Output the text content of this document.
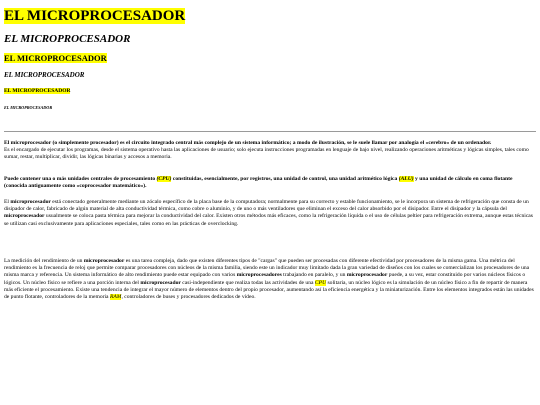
EL MICROPROCESADOR
EL MICROPROCESADOR
EL MICROPROCESADOR
EL MICROPROCESADOR
EL MICROPROCESADOR
EL MICROPROCESADOR

El microprocesador (o simplemente procesador) es el circuito integrado central más complejo de un sistema informático; a modo de ilustración, se le suele llamar por analogía el «cerebro» de un ordenador.
Es el encargado de ejecutar los programas, desde el sistema operativo hasta las aplicaciones de usuario; solo ejecuta instrucciones programadas en lenguaje de bajo nivel, realizando operaciones aritméticas y lógicas simples, tales como sumar, restar, multiplicar, dividir, las lógicas binarias y accesos a memoria.

Puede contener una o más unidades centrales de procesamiento (CPU) constituidas, esencialmente, por registros, una unidad de control, una unidad aritmético lógica (ALU) y una unidad de cálculo en coma flotante (conocida antiguamente como «coprocesador matemático»).

El microprocesador está conectado generalmente mediante un zócalo específico de la placa base de la computadora; normalmente para su correcto y estable funcionamiento, se le incorpora un sistema de refrigeración que consta de un disipador de calor, fabricado de algún material de alta conductividad térmica, como cobre o aluminio, y de uno o más ventiladores que eliminan el exceso del calor absorbido por el disipador. Entre el disipador y la cápsula del microprocesador usualmente se coloca pasta térmica para mejorar la conductividad del calor. Existen otros métodos más eficaces, como la refrigeración líquida o el uso de células peltier para refrigeración extrema, aunque estas técnicas se utilizan casi exclusivamente para aplicaciones especiales, tales como en las prácticas de overclocking.

La medición del rendimiento de un microprocesador es una tarea compleja, dado que existen diferentes tipos de "cargas" que pueden ser procesadas con diferente efectividad por procesadores de la misma gama. Una métrica del rendimiento es la frecuencia de reloj que permite comparar procesadores con núcleos de la misma familia, siendo este un indicador muy limitado dada la gran variedad de diseños con los cuales se comercializan los procesadores de una misma marca y referencia. Un sistema informático de alto rendimiento puede estar equipado con varios microprocesadores trabajando en paralelo, y un microprocesador puede, a su vez, estar constituido por varios núcleos físicos o lógicos. Un núcleo físico se refiere a una porción interna del microprocesador casi-independiente que realiza todas las actividades de una CPU solitaria, un núcleo lógico es la simulación de un núcleo físico a fin de repartir de manera más eficiente el procesamiento. Existe una tendencia de integrar el mayor número de elementos dentro del propio procesador, aumentando así la eficiencia energética y la miniaturización. Entre los elementos integrados están las unidades de punto flotante, controladores de la memoria RAM, controladores de buses y procesadores dedicados de vídeo.
